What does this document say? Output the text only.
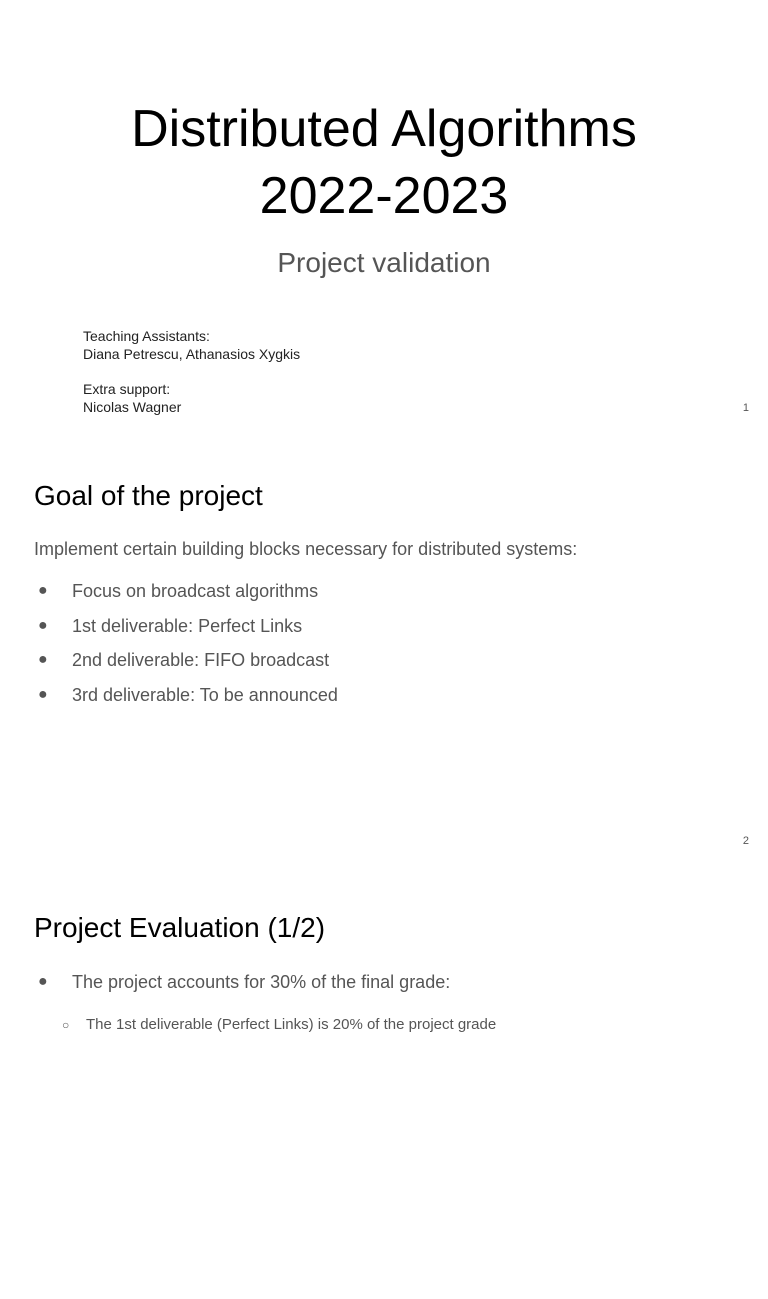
Distributed Algorithms
2022-2023
Project validation
Teaching Assistants:
Diana Petrescu, Athanasios Xygkis
Extra support:
Nicolas Wagner	1
Goal of the project
Implement certain building blocks necessary for distributed systems:
● Focus on broadcast algorithms
● 1st deliverable: Perfect Links
● 2nd deliverable: FIFO broadcast
● 3rd deliverable: To be announced
2
Project Evaluation (1/2)
● The project accounts for 30% of the final grade:
○ The 1st deliverable (Perfect Links) is 20% of the project grade
